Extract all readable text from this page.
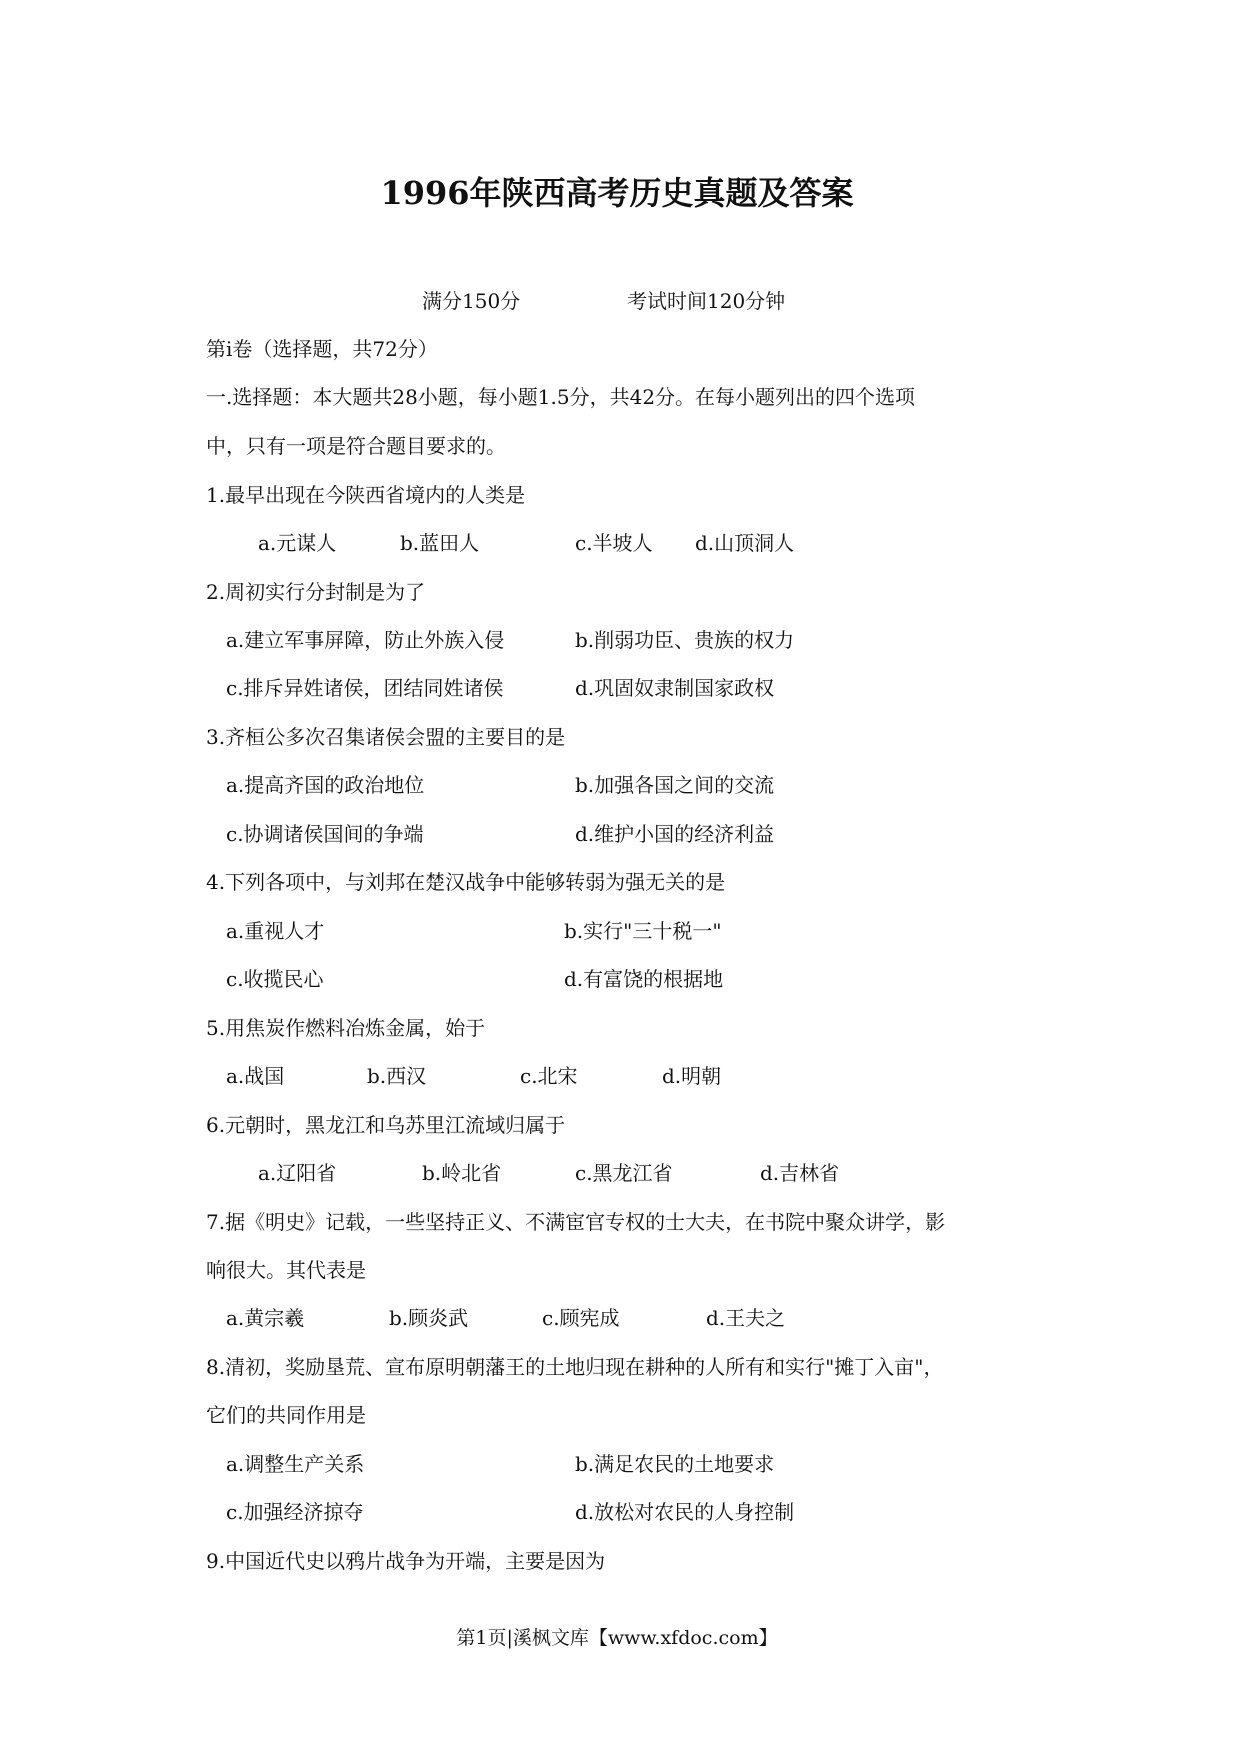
1996年陕西高考历史真题及答案
满分150分	考试时间120分钟
第ⅰ卷（选择题，共72分）
一.选择题：本大题共28小题，每小题1.5分，共42分。在每小题列出的四个选项
中，只有一项是符合题目要求的。
1.最早出现在今陕西省境内的人类是
a.元谋人	b.蓝田人	c.半坡人 d.山顶洞人
2.周初实行分封制是为了
a.建立军事屏障，防止外族入侵	b.削弱功臣、贵族的权力
c.排斥异姓诸侯，团结同姓诸侯	d.巩固奴隶制国家政权
3.齐桓公多次召集诸侯会盟的主要目的是
a.提高齐国的政治地位	b.加强各国之间的交流
c.协调诸侯国间的争端	d.维护小国的经济利益
4.下列各项中，与刘邦在楚汉战争中能够转弱为强无关的是
a.重视人才	b.实行"三十税一"
c.收揽民心	d.有富饶的根据地
5.用焦炭作燃料冶炼金属，始于
a.战国	b.西汉	c.北宋	d.明朝
6.元朝时，黑龙江和乌苏里江流域归属于
a.辽阳省	b.岭北省	c.黑龙江省	d.吉林省
7.据《明史》记载，一些坚持正义、不满宦官专权的士大夫，在书院中聚众讲学，影
响很大。其代表是
a.黄宗羲	b.顾炎武	c.顾宪成	d.王夫之
8.清初，奖励垦荒、宣布原明朝藩王的土地归现在耕种的人所有和实行"摊丁入亩"，
它们的共同作用是
a.调整生产关系	b.满足农民的土地要求
c.加强经济掠夺	d.放松对农民的人身控制
9.中国近代史以鸦片战争为开端，主要是因为
第1页|溪枫文库【www.xfdoc.com】
